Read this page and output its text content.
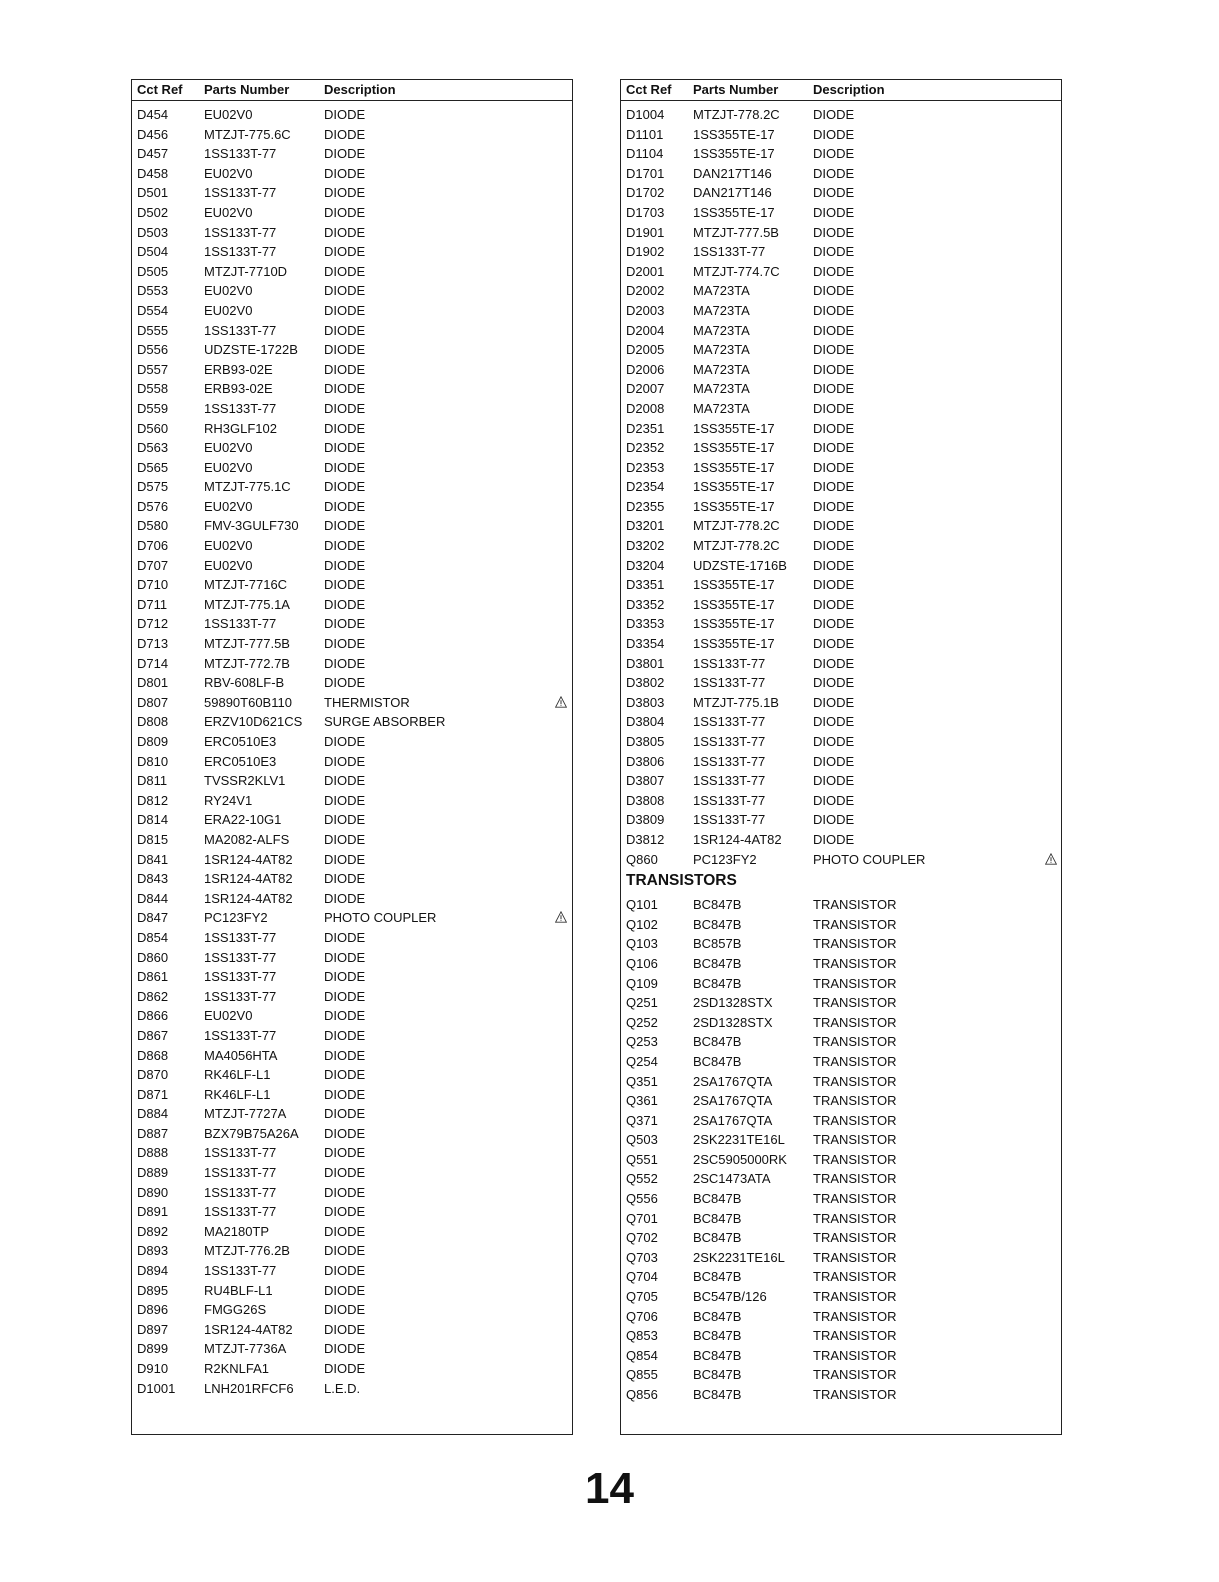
Cct Ref Parts Number	Description
D454	EU02V0	DIODE
D456	MTZJT-775.6C	DIODE
D457	1SS133T-77	DIODE
D458	EU02V0	DIODE
D501	1SS133T-77	DIODE
D502	EU02V0	DIODE
D503	1SS133T-77	DIODE
D504	1SS133T-77	DIODE
D505	MTZJT-7710D	DIODE
D553	EU02V0	DIODE
D554	EU02V0	DIODE
D555	1SS133T-77	DIODE
D556	UDZSTE-1722B DIODE
D557	ERB93-02E	DIODE
D558	ERB93-02E	DIODE
D559	1SS133T-77	DIODE
D560	RH3GLF102	DIODE
D563	EU02V0	DIODE
D565	EU02V0	DIODE
D575	MTZJT-775.1C	DIODE
D576	EU02V0	DIODE
D580	FMV-3GULF730 DIODE
D706	EU02V0	DIODE
D707	EU02V0	DIODE
D710	MTZJT-7716C	DIODE
D711	MTZJT-775.1A	DIODE
D712	1SS133T-77	DIODE
D713	MTZJT-777.5B	DIODE
D714	MTZJT-772.7B	DIODE
D801	RBV-608LF-B	DIODE
D807	59890T60B110 THERMISTOR
D808	ERZV10D621CS SURGE ABSORBER
D809	ERC0510E3	DIODE
D810	ERC0510E3	DIODE
D811	TVSSR2KLV1	DIODE
D812	RY24V1	DIODE
D814	ERA22-10G1	DIODE
D815	MA2082-ALFS	DIODE
D841	1SR124-4AT82 DIODE
D843	1SR124-4AT82 DIODE
D844	1SR124-4AT82 DIODE
D847	PC123FY2	PHOTO COUPLER
D854	1SS133T-77	DIODE
D860	1SS133T-77	DIODE
D861	1SS133T-77	DIODE
D862	1SS133T-77	DIODE
D866	EU02V0	DIODE
D867	1SS133T-77	DIODE
D868	MA4056HTA	DIODE
D870	RK46LF-L1	DIODE
D871	RK46LF-L1	DIODE
D884	MTZJT-7727A	DIODE
D887	BZX79B75A26A DIODE
D888	1SS133T-77	DIODE
D889	1SS133T-77	DIODE
D890	1SS133T-77	DIODE
D891	1SS133T-77	DIODE
D892	MA2180TP	DIODE
D893	MTZJT-776.2B	DIODE
D894	1SS133T-77	DIODE
D895	RU4BLF-L1	DIODE
D896	FMGG26S	DIODE
D897	1SR124-4AT82 DIODE
D899	MTZJT-7736A	DIODE
D910	R2KNLFA1	DIODE
D1001 LNH201RFCF6 L.E.D.
Cct Ref Parts Number	Description
D1004 MTZJT-778.2C	DIODE
D1101 1SS355TE-17	DIODE
D1104 1SS355TE-17	DIODE
D1701 DAN217T146	DIODE
D1702 DAN217T146	DIODE
D1703 1SS355TE-17	DIODE
D1901 MTZJT-777.5B	DIODE
D1902 1SS133T-77	DIODE
D2001 MTZJT-774.7C	DIODE
D2002 MA723TA	DIODE
D2003 MA723TA	DIODE
D2004 MA723TA	DIODE
D2005 MA723TA	DIODE
D2006 MA723TA	DIODE
D2007 MA723TA	DIODE
D2008 MA723TA	DIODE
D2351 1SS355TE-17	DIODE
D2352 1SS355TE-17	DIODE
D2353 1SS355TE-17	DIODE
D2354 1SS355TE-17	DIODE
D2355 1SS355TE-17	DIODE
D3201 MTZJT-778.2C	DIODE
D3202 MTZJT-778.2C	DIODE
D3204 UDZSTE-1716B DIODE
D3351 1SS355TE-17	DIODE
D3352 1SS355TE-17	DIODE
D3353 1SS355TE-17	DIODE
D3354 1SS355TE-17	DIODE
D3801 1SS133T-77	DIODE
D3802 1SS133T-77	DIODE
D3803 MTZJT-775.1B	DIODE
D3804 1SS133T-77	DIODE
D3805 1SS133T-77	DIODE
D3806 1SS133T-77	DIODE
D3807 1SS133T-77	DIODE
D3808 1SS133T-77	DIODE
D3809 1SS133T-77	DIODE
D3812 1SR124-4AT82 DIODE
Q860	PC123FY2	PHOTO COUPLER
TRANSISTORS
Q101	BC847B	TRANSISTOR
Q102	BC847B	TRANSISTOR
Q103	BC857B	TRANSISTOR
Q106	BC847B	TRANSISTOR
Q109	BC847B	TRANSISTOR
Q251	2SD1328STX	TRANSISTOR
Q252	2SD1328STX	TRANSISTOR
Q253	BC847B	TRANSISTOR
Q254	BC847B	TRANSISTOR
Q351	2SA1767QTA	TRANSISTOR
Q361	2SA1767QTA	TRANSISTOR
Q371	2SA1767QTA	TRANSISTOR
Q503	2SK2231TE16L TRANSISTOR
Q551	2SC5905000RK TRANSISTOR
Q552	2SC1473ATA	TRANSISTOR
Q556	BC847B	TRANSISTOR
Q701	BC847B	TRANSISTOR
Q702	BC847B	TRANSISTOR
Q703	2SK2231TE16L TRANSISTOR
Q704	BC847B	TRANSISTOR
Q705	BC547B/126	TRANSISTOR
Q706	BC847B	TRANSISTOR
Q853	BC847B	TRANSISTOR
Q854	BC847B	TRANSISTOR
Q855	BC847B	TRANSISTOR
Q856	BC847B	TRANSISTOR
14
